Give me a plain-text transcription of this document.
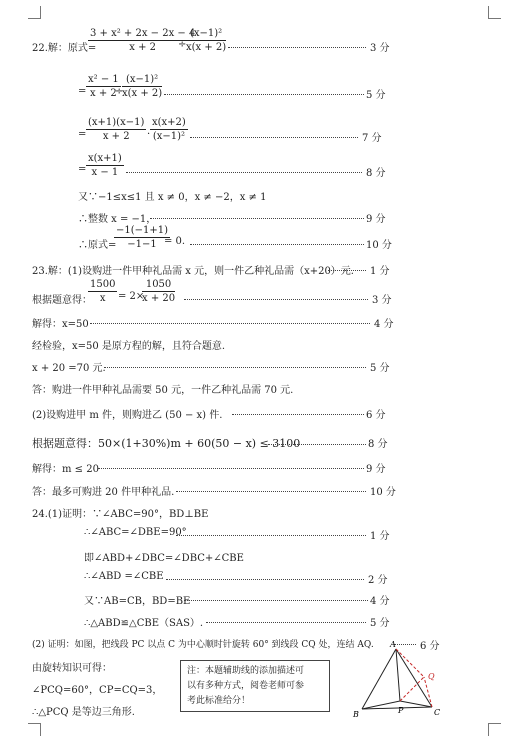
22.解：原式=
$\frac{\text{3 + x² + 2x − 2x − 4}}{x + 2}$
÷ $\frac{\text{(x−1)²}}{x(x + 2)}$	3 分
= $\frac{\text{x² − 1}}{x + 2}$
÷
$\frac{\text{(x−1)²}}{x(x + 2)}$	5 分
= $\frac{(x+1)(x-1)}{x + 2} \cdot \frac{x(x+2)}{\text{(x−1)²}}$	7 分
= $\frac{x(x+1)}{x - 1}$	8 分
又∵−1≤x≤1 且 x ≠ 0，x ≠ −2，x ≠ 1
∴整数 x = −1，	9 分
∴原式=
$\frac{-1(-1+1)}{-1-1}$
= 0.	10 分
23.解：(1)设购进一件甲种礼品需 x 元，则一件乙种礼品需（x+20）元. 1 分
根据题意得：
$\frac{1500}{x} = 2\times$
$\frac{1050}{x + 20}$	3 分
解得：x=50	4 分
经检验，x=50 是原方程的解，且符合题意.
x + 20 =70 元.	5 分
答：购进一件甲种礼品需要 50 元，一件乙种礼品需 70 元.
(2)设购进甲 m 件，则购进乙 (50 − x) 件.	6 分
根据题意得：50×(1+30%)m + 60(50 − x) ≤ 3100	8 分
解得：m ≤ 20	9 分
答：最多可购进 20 件甲种礼品.	10 分
24.(1)证明：∵∠ABC=90°，BD⊥BE
∴∠ABC=∠DBE=90°	1 分
即∠ABD+∠DBC=∠DBC+∠CBE
∴∠ABD =∠CBE	2 分
又∵AB=CB，BD=BE	4 分
∴△ABD≌△CBE（SAS）.	5 分
(2) 证明：如图，把线段 PC 以点 C 为中心顺时针旋转 60° 到线段 CQ 处，连结 AQ.	6 分
由旋转知识可得：
∠PCQ=60°，CP=CQ=3，
∴△PCQ 是等边三角形.
注：本题辅助线的添加描述可
以有多种方式，阅卷老师可参
考此标准给分！
A
B	C
P
Q
